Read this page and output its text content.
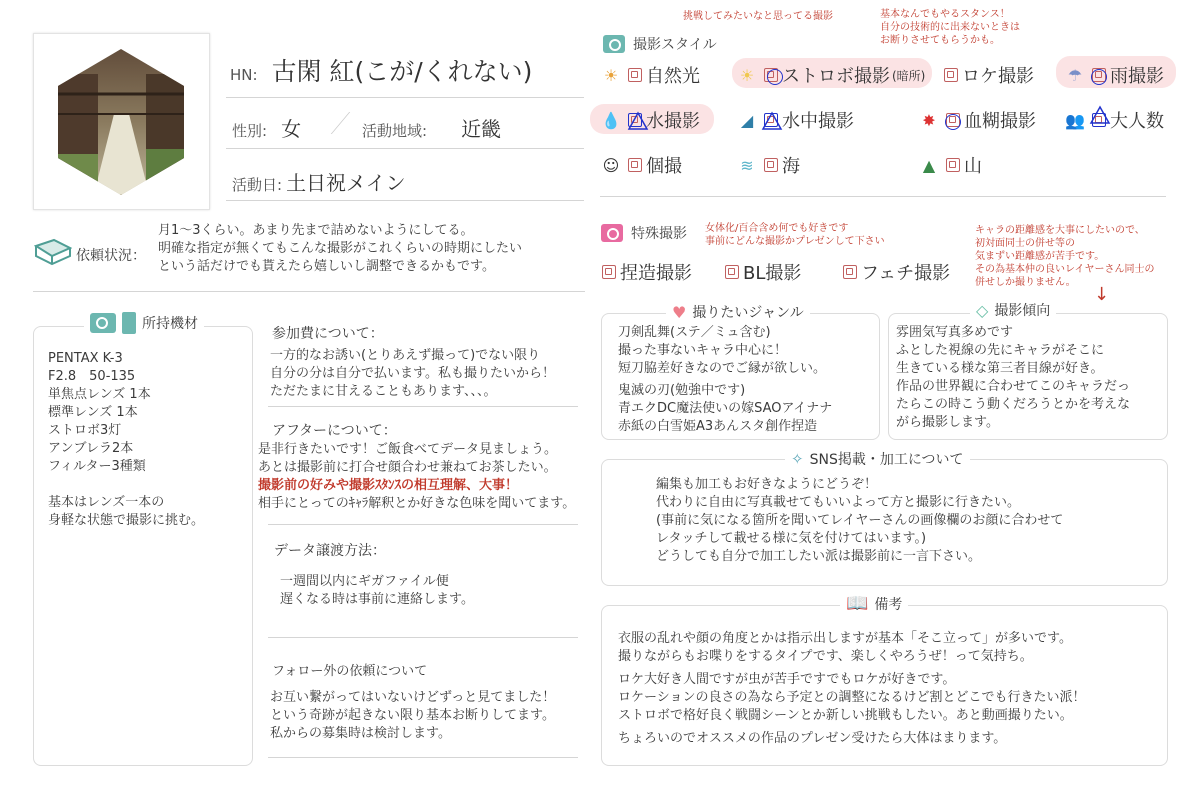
HN: 古閑 紅(こが/くれない)
性別: 女	活動地域: 近畿
活動日: 土日祝メイン
依頼状況：
月1〜3くらい。あまり先まで詰めないようにしてる。
明確な指定が無くてもこんな撮影がこれくらいの時期にしたい
という話だけでも貰えたら嬉しいし調整できるかもです。
所持機材
PENTAX K-3
F2.8　50-135
単焦点レンズ 1本
標準レンズ 1本
ストロボ3灯
アンブレラ2本
フィルター3種類
基本はレンズ一本の
身軽な状態で撮影に挑む。
参加費について：
一方的なお誘い(とりあえず撮って)でない限り
自分の分は自分で払います。私も撮りたいから！
ただたまに甘えることもあります、、、。
アフターについて：
是非行きたいです！ご飯食べてデータ見ましょう。
あとは撮影前に打合せ顔合わせ兼ねてお茶したい。
撮影前の好みや撮影ｽﾀﾝｽの相互理解、大事！
相手にとってのｷｬﾗ解釈とか好きな色味を聞いてます。
データ譲渡方法：
一週間以内にギガファイル便
遅くなる時は事前に連絡します。
フォロー外の依頼について
お互い繋がってはいないけどずっと見てました！
という奇跡が起きない限り基本お断りしてます。
私からの募集時は検討します。
挑戦してみたいなと思ってる撮影	基本なんでもやるスタンス！
自分の技術的に出来ないときは
お断りさせてもらうかも。
撮影スタイル
☀ 自然光 ☀ ストロボ撮影 (暗所) ロケ撮影 ☂ 雨撮影
💧 水撮影	◢ 水中撮影	✸ 血糊撮影 👥 大人数
☺ 個撮	≋ 海	▲ 山
特殊撮影 女体化/百合含め何でも好きです
事前にどんな撮影かプレゼンして下さい
キャラの距離感を大事にしたいので、
初対面同士の併せ等の
気まずい距離感が苦手です。
その為基本仲の良いレイヤーさん同士の
併せしか撮りません。
↓
捏造撮影	BL撮影	フェチ撮影
♥ 撮りたいジャンル
刀剣乱舞(ステ／ミュ含む)
撮った事ないキャラ中心に！
短刀脇差好きなのでご縁が欲しい。
鬼滅の刃(勉強中です)
青エクDC魔法使いの嫁SAOアイナナ
赤紙の白雪姫A3あんスタ創作捏造
◇ 撮影傾向
雰囲気写真多めです
ふとした視線の先にキャラがそこに
生きている様な第三者目線が好き。
作品の世界観に合わせてこのキャラだっ
たらこの時こう動くだろうとかを考えな
がら撮影します。
✧ SNS掲載・加工について
編集も加工もお好きなようにどうぞ！
代わりに自由に写真載せてもいいよって方と撮影に行きたい。
(事前に気になる箇所を聞いてレイヤーさんの画像欄のお顔に合わせて
レタッチして載せる様に気を付けてはいます。)
どうしても自分で加工したい派は撮影前に一言下さい。
📖 備考
衣服の乱れや顔の角度とかは指示出しますが基本「そこ立って」が多いです。
撮りながらもお喋りをするタイプです、楽しくやろうぜ！って気持ち。
ロケ大好き人間ですが虫が苦手ですでもロケが好きです。
ロケーションの良さの為なら予定との調整になるけど割とどこでも行きたい派！
ストロボで格好良く戦闘シーンとか新しい挑戦もしたい。あと動画撮りたい。
ちょろいのでオススメの作品のプレゼン受けたら大体はまります。
